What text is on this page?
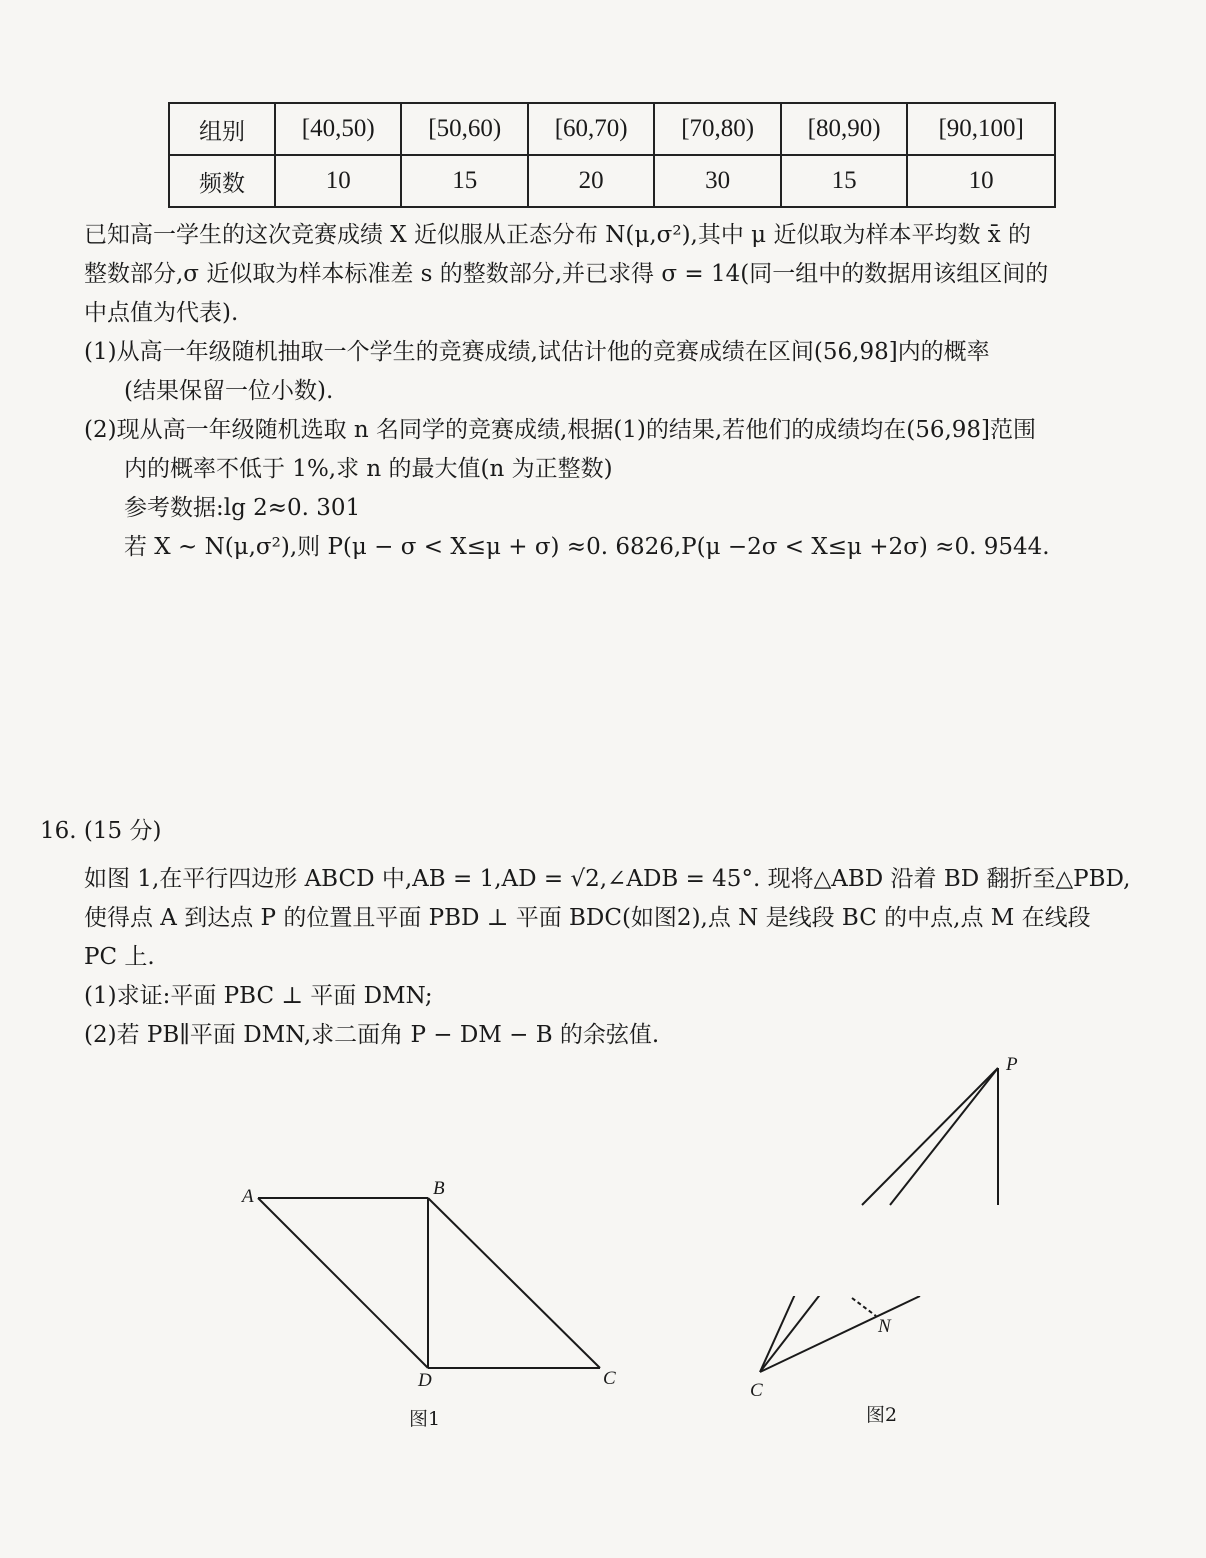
组别	[40,50)	[50,60)	[60,70)	[70,80)	[80,90)	[90,100]
频数	10	15	20	30	15	10
已知高一学生的这次竞赛成绩 X 近似服从正态分布 N(μ,σ²),其中 μ 近似取为样本平均数 x̄ 的
整数部分,σ 近似取为样本标准差 s 的整数部分,并已求得 σ = 14(同一组中的数据用该组区间的
中点值为代表).
(1)从高一年级随机抽取一个学生的竞赛成绩,试估计他的竞赛成绩在区间(56,98]内的概率
(结果保留一位小数).
(2)现从高一年级随机选取 n 名同学的竞赛成绩,根据(1)的结果,若他们的成绩均在(56,98]范围
内的概率不低于 1%,求 n 的最大值(n 为正整数)
参考数据:lg 2≈0. 301
若 X ~ N(μ,σ²),则 P(μ − σ < X≤μ + σ) ≈0. 6826,P(μ −2σ < X≤μ +2σ) ≈0. 9544.
16. (15 分)
如图 1,在平行四边形 ABCD 中,AB = 1,AD = √2,∠ADB = 45°. 现将△ABD 沿着 BD 翻折至△PBD,
使得点 A 到达点 P 的位置且平面 PBD ⊥ 平面 BDC(如图2),点 N 是线段 BC 的中点,点 M 在线段
PC 上.
(1)求证:平面 PBC ⊥ 平面 DMN;
(2)若 PB∥平面 DMN,求二面角 P − DM − B 的余弦值.
A	B
C
D
图1
P
N
C
图2
